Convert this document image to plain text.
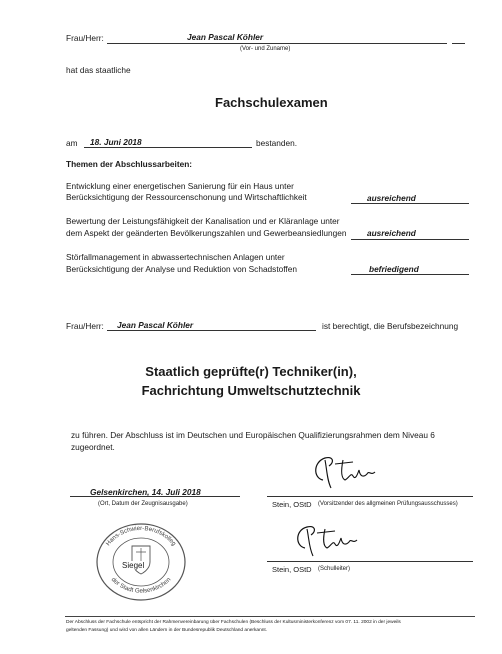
Frau/Herr:	Jean Pascal Köhler
(Vor- und Zuname)
hat das staatliche
Fachschulexamen
am 18. Juni 2018	bestanden.
Themen der Abschlussarbeiten:
Entwicklung einer energetischen Sanierung für ein Haus unter
Berücksichtigung der Ressourcenschonung und Wirtschaftlichkeit	ausreichend
Bewertung der Leistungsfähigkeit der Kanalisation und er Kläranlage unter
dem Aspekt der geänderten Bevölkerungszahlen und Gewerbeansiedlungen ausreichend
Störfallmanagement in abwassertechnischen Anlagen unter
Berücksichtigung der Analyse und Reduktion von Schadstoffen	befriedigend
Frau/Herr: Jean Pascal Köhler	ist berechtigt, die Berufsbezeichnung
Staatlich geprüfte(r) Techniker(in),
Fachrichtung Umweltschutztechnik
zu führen. Der Abschluss ist im Deutschen und Europäischen Qualifizierungsrahmen dem Niveau 6
zugeordnet.
Gelsenkirchen, 14. Juli 2018
(Ort, Datum der Zeugnisausgabe)	Stein, OStD (Vorsitzender des allgmeinen Prüfungsausschusses)
Hans-Schwier-Berufskolleg
der Stadt Gelsenkirchen
Siegel	Stein, OStD (Schulleiter)
Der Abschluss der Fachschule entspricht der Rahmenvereinbarung über Fachschulen (Beschluss der Kultusministerkonferenz vom 07. 11. 2002 in der jeweils
geltenden Fassung) und wird von allen Ländern in der Bundesrepublik Deutschland anerkannt.
